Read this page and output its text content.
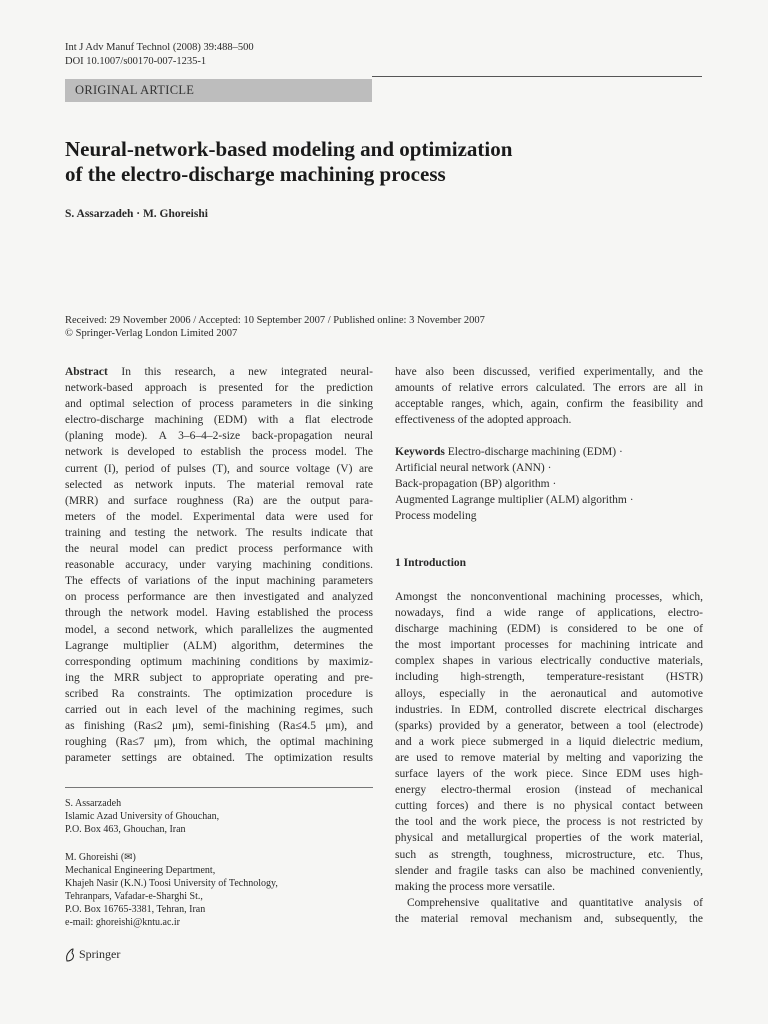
Int J Adv Manuf Technol (2008) 39:488–500
DOI 10.1007/s00170-007-1235-1
ORIGINAL ARTICLE
Neural-network-based modeling and optimization
of the electro-discharge machining process
S. Assarzadeh · M. Ghoreishi
Received: 29 November 2006 / Accepted: 10 September 2007 / Published online: 3 November 2007
© Springer-Verlag London Limited 2007
Abstract In this research, a new integrated neural-
network-based approach is presented for the prediction
and optimal selection of process parameters in die sinking
electro-discharge machining (EDM) with a flat electrode
(planing mode). A 3–6–4–2-size back-propagation neural
network is developed to establish the process model. The
current (I), period of pulses (T), and source voltage (V) are
selected as network inputs. The material removal rate
(MRR) and surface roughness (Ra) are the output para-
meters of the model. Experimental data were used for
training and testing the network. The results indicate that
the neural model can predict process performance with
reasonable accuracy, under varying machining conditions.
The effects of variations of the input machining parameters
on process performance are then investigated and analyzed
through the network model. Having established the process
model, a second network, which parallelizes the augmented
Lagrange multiplier (ALM) algorithm, determines the
corresponding optimum machining conditions by maximiz-
ing the MRR subject to appropriate operating and pre-
scribed Ra constraints. The optimization procedure is
carried out in each level of the machining regimes, such
as finishing (Ra≤2 μm), semi-finishing (Ra≤4.5 μm), and
roughing (Ra≤7 μm), from which, the optimal machining
parameter settings are obtained. The optimization results
have also been discussed, verified experimentally, and the
amounts of relative errors calculated. The errors are all in
acceptable ranges, which, again, confirm the feasibility and
effectiveness of the adopted approach.
Keywords Electro-discharge machining (EDM) ·
Artificial neural network (ANN) ·
Back-propagation (BP) algorithm ·
Augmented Lagrange multiplier (ALM) algorithm ·
Process modeling
1 Introduction
Amongst the nonconventional machining processes, which,
nowadays, find a wide range of applications, electro-
discharge machining (EDM) is considered to be one of
the most important processes for machining intricate and
complex shapes in various electrically conductive materials,
including high-strength, temperature-resistant (HSTR)
alloys, especially in the aeronautical and automotive
industries. In EDM, controlled discrete electrical discharges
(sparks) provided by a generator, between a tool (electrode)
and a work piece submerged in a liquid dielectric medium,
are used to remove material by melting and vaporizing the
surface layers of the work piece. Since EDM uses high-
energy electro-thermal erosion (instead of mechanical
cutting forces) and there is no physical contact between
the tool and the work piece, the process is not restricted by
physical and metallurgical properties of the work material,
such as strength, toughness, microstructure, etc. Thus,
slender and fragile tasks can also be machined conveniently,
making the process more versatile.
Comprehensive qualitative and quantitative analysis of
the material removal mechanism and, subsequently, the
S. Assarzadeh
Islamic Azad University of Ghouchan,
P.O. Box 463, Ghouchan, Iran
M. Ghoreishi (✉)
Mechanical Engineering Department,
Khajeh Nasir (K.N.) Toosi University of Technology,
Tehranpars, Vafadar-e-Sharghi St.,
P.O. Box 16765-3381, Tehran, Iran
e-mail: ghoreishi@kntu.ac.ir
Springer
